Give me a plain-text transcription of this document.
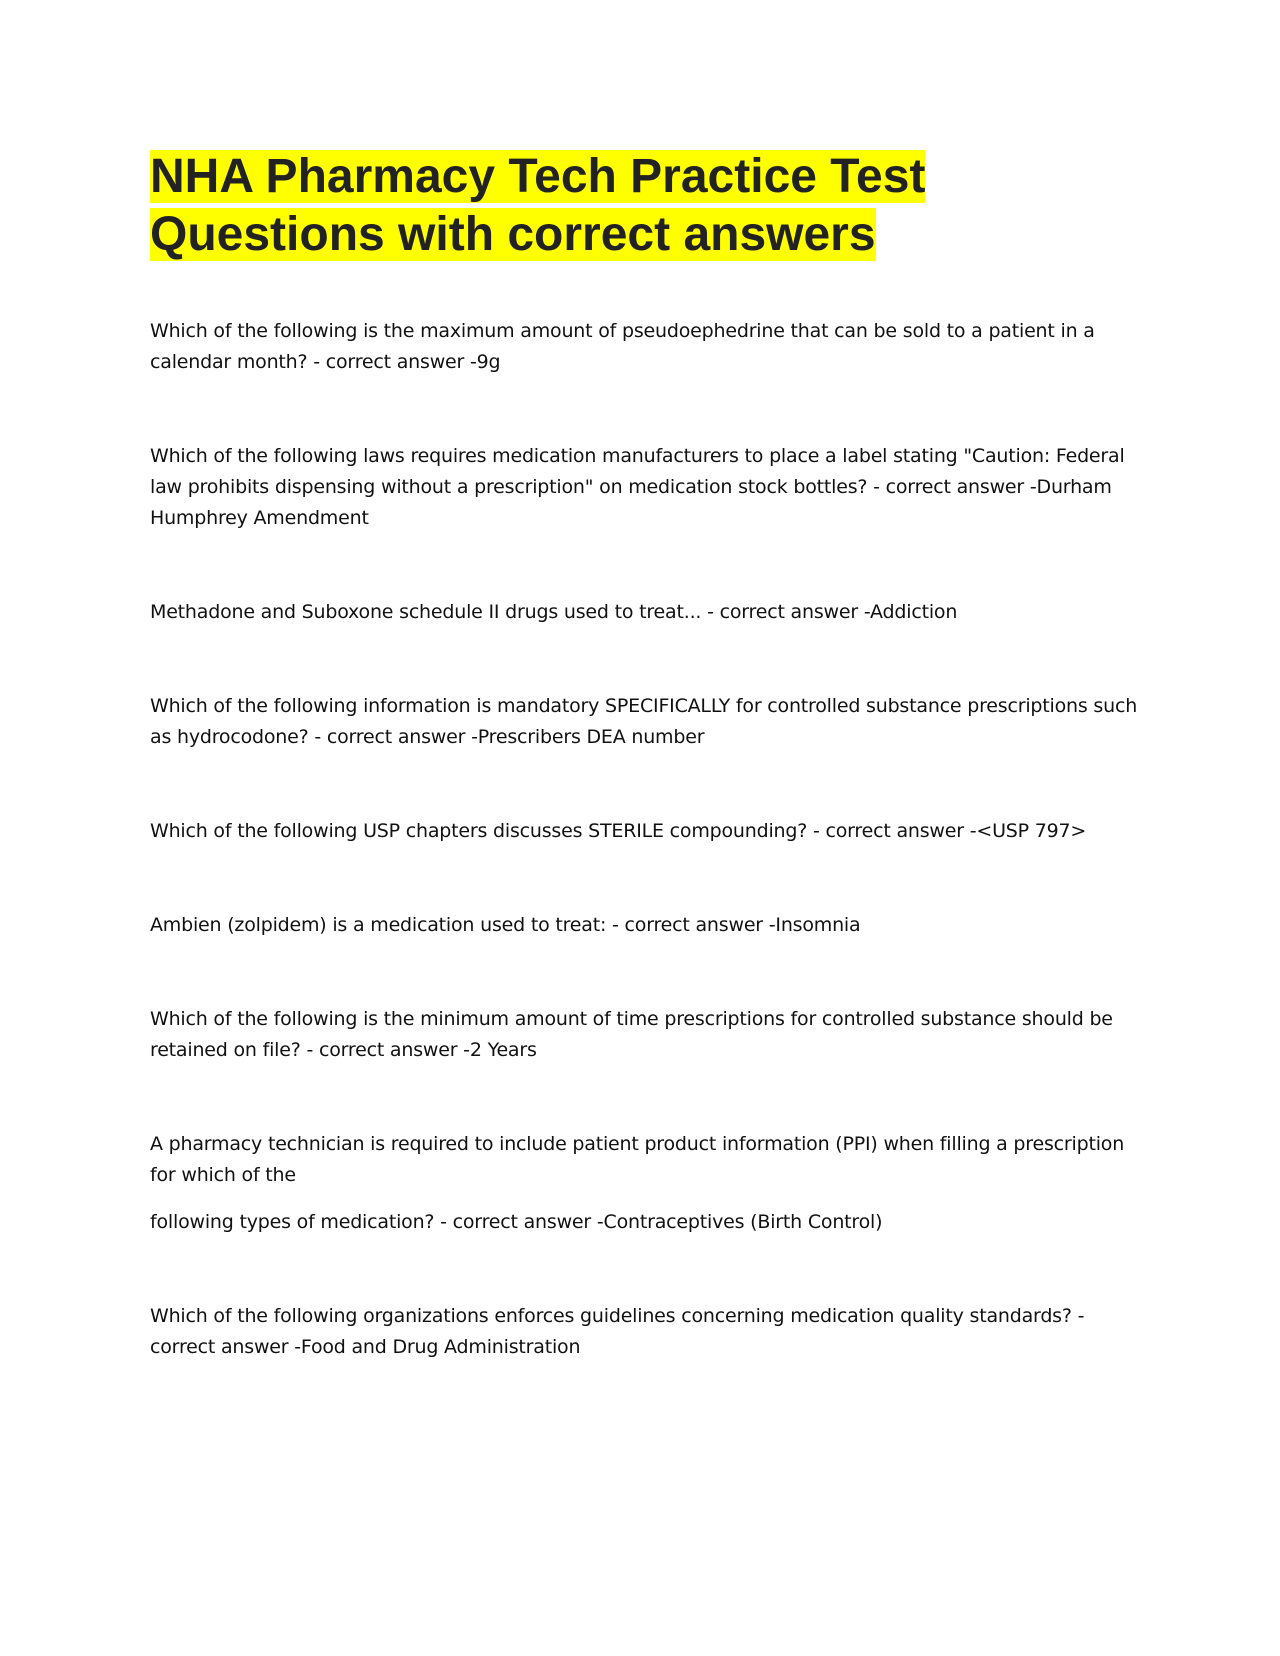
NHA Pharmacy Tech Practice Test
Questions with correct answers

Which of the following is the maximum amount of pseudoephedrine that can be sold to a patient in a calendar month? - correct answer -9g

Which of the following laws requires medication manufacturers to place a label stating "Caution: Federal law prohibits dispensing without a prescription" on medication stock bottles? - correct answer -Durham Humphrey Amendment

Methadone and Suboxone schedule II drugs used to treat... - correct answer -Addiction

Which of the following information is mandatory SPECIFICALLY for controlled substance prescriptions such as hydrocodone? - correct answer -Prescribers DEA number

Which of the following USP chapters discusses STERILE compounding? - correct answer -<USP 797>

Ambien (zolpidem) is a medication used to treat: - correct answer -Insomnia

Which of the following is the minimum amount of time prescriptions for controlled substance should be retained on file? - correct answer -2 Years

A pharmacy technician is required to include patient product information (PPI) when filling a prescription for which of the
following types of medication? - correct answer -Contraceptives (Birth Control)

Which of the following organizations enforces guidelines concerning medication quality standards? - correct answer -Food and Drug Administration
